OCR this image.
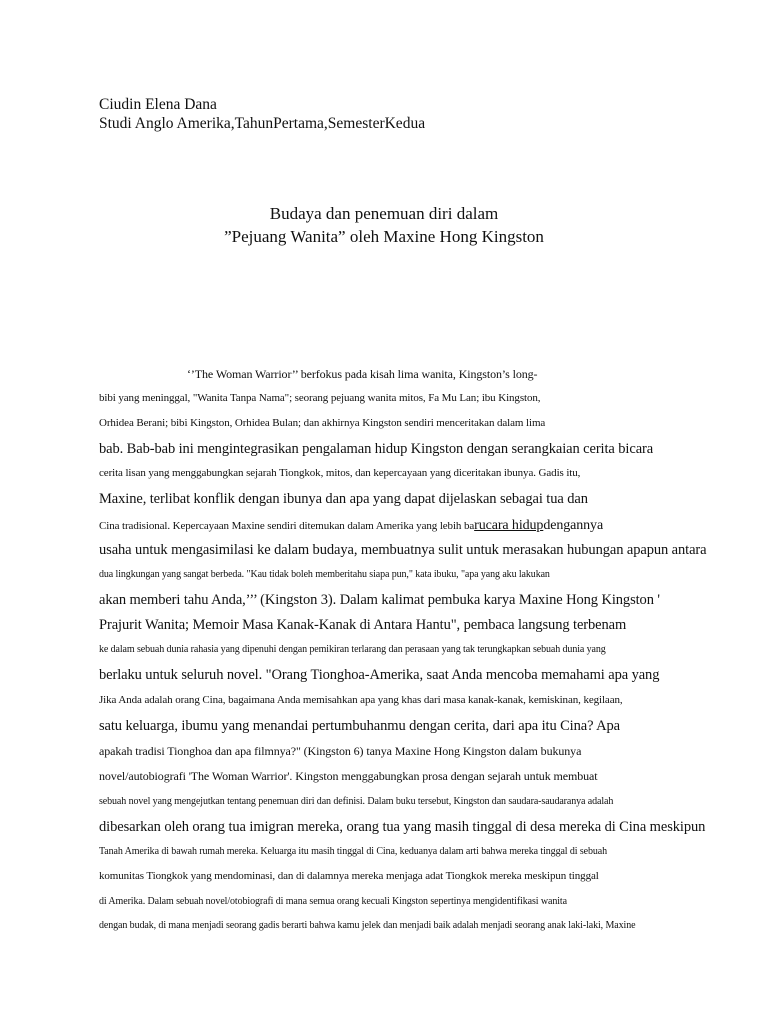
Ciudin Elena Dana
Studi Anglo Amerika,TahunPertama,SemesterKedua
Budaya dan penemuan diri dalam
”Pejuang Wanita” oleh Maxine Hong Kingston
‘’The Woman Warrior’’ berfokus pada kisah lima wanita, Kingston’s long-
bibi yang meninggal, "Wanita Tanpa Nama"; seorang pejuang wanita mitos, Fa Mu Lan; ibu Kingston,
Orhidea Berani; bibi Kingston, Orhidea Bulan; dan akhirnya Kingston sendiri menceritakan dalam lima
bab. Bab-bab ini mengintegrasikan pengalaman hidup Kingston dengan serangkaian cerita bicara
cerita lisan yang menggabungkan sejarah Tiongkok, mitos, dan kepercayaan yang diceritakan ibunya. Gadis itu,
Maxine, terlibat konflik dengan ibunya dan apa yang dapat dijelaskan sebagai tua dan
Cina tradisional. Kepercayaan Maxine sendiri ditemukan dalam Amerika yang lebih barucara hidupdengannya
usaha untuk mengasimilasi ke dalam budaya, membuatnya sulit untuk merasakan hubungan apapun antara
dua lingkungan yang sangat berbeda. "Kau tidak boleh memberitahu siapa pun," kata ibuku, "apa yang aku lakukan
akan memberi tahu Anda,’’’ (Kingston 3). Dalam kalimat pembuka karya Maxine Hong Kingston '
Prajurit Wanita; Memoir Masa Kanak-Kanak di Antara Hantu", pembaca langsung terbenam
ke dalam sebuah dunia rahasia yang dipenuhi dengan pemikiran terlarang dan perasaan yang tak terungkapkan sebuah dunia yang
berlaku untuk seluruh novel. "Orang Tionghoa-Amerika, saat Anda mencoba memahami apa yang
Jika Anda adalah orang Cina, bagaimana Anda memisahkan apa yang khas dari masa kanak-kanak, kemiskinan, kegilaan,
satu keluarga, ibumu yang menandai pertumbuhanmu dengan cerita, dari apa itu Cina? Apa
apakah tradisi Tionghoa dan apa filmnya?" (Kingston 6) tanya Maxine Hong Kingston dalam bukunya
novel/autobiografi 'The Woman Warrior'. Kingston menggabungkan prosa dengan sejarah untuk membuat
sebuah novel yang mengejutkan tentang penemuan diri dan definisi. Dalam buku tersebut, Kingston dan saudara-saudaranya adalah
dibesarkan oleh orang tua imigran mereka, orang tua yang masih tinggal di desa mereka di Cina meskipun
Tanah Amerika di bawah rumah mereka. Keluarga itu masih tinggal di Cina, keduanya dalam arti bahwa mereka tinggal di sebuah
komunitas Tiongkok yang mendominasi, dan di dalamnya mereka menjaga adat Tiongkok mereka meskipun tinggal
di Amerika. Dalam sebuah novel/otobiografi di mana semua orang kecuali Kingston sepertinya mengidentifikasi wanita
dengan budak, di mana menjadi seorang gadis berarti bahwa kamu jelek dan menjadi baik adalah menjadi seorang anak laki-laki, Maxine
